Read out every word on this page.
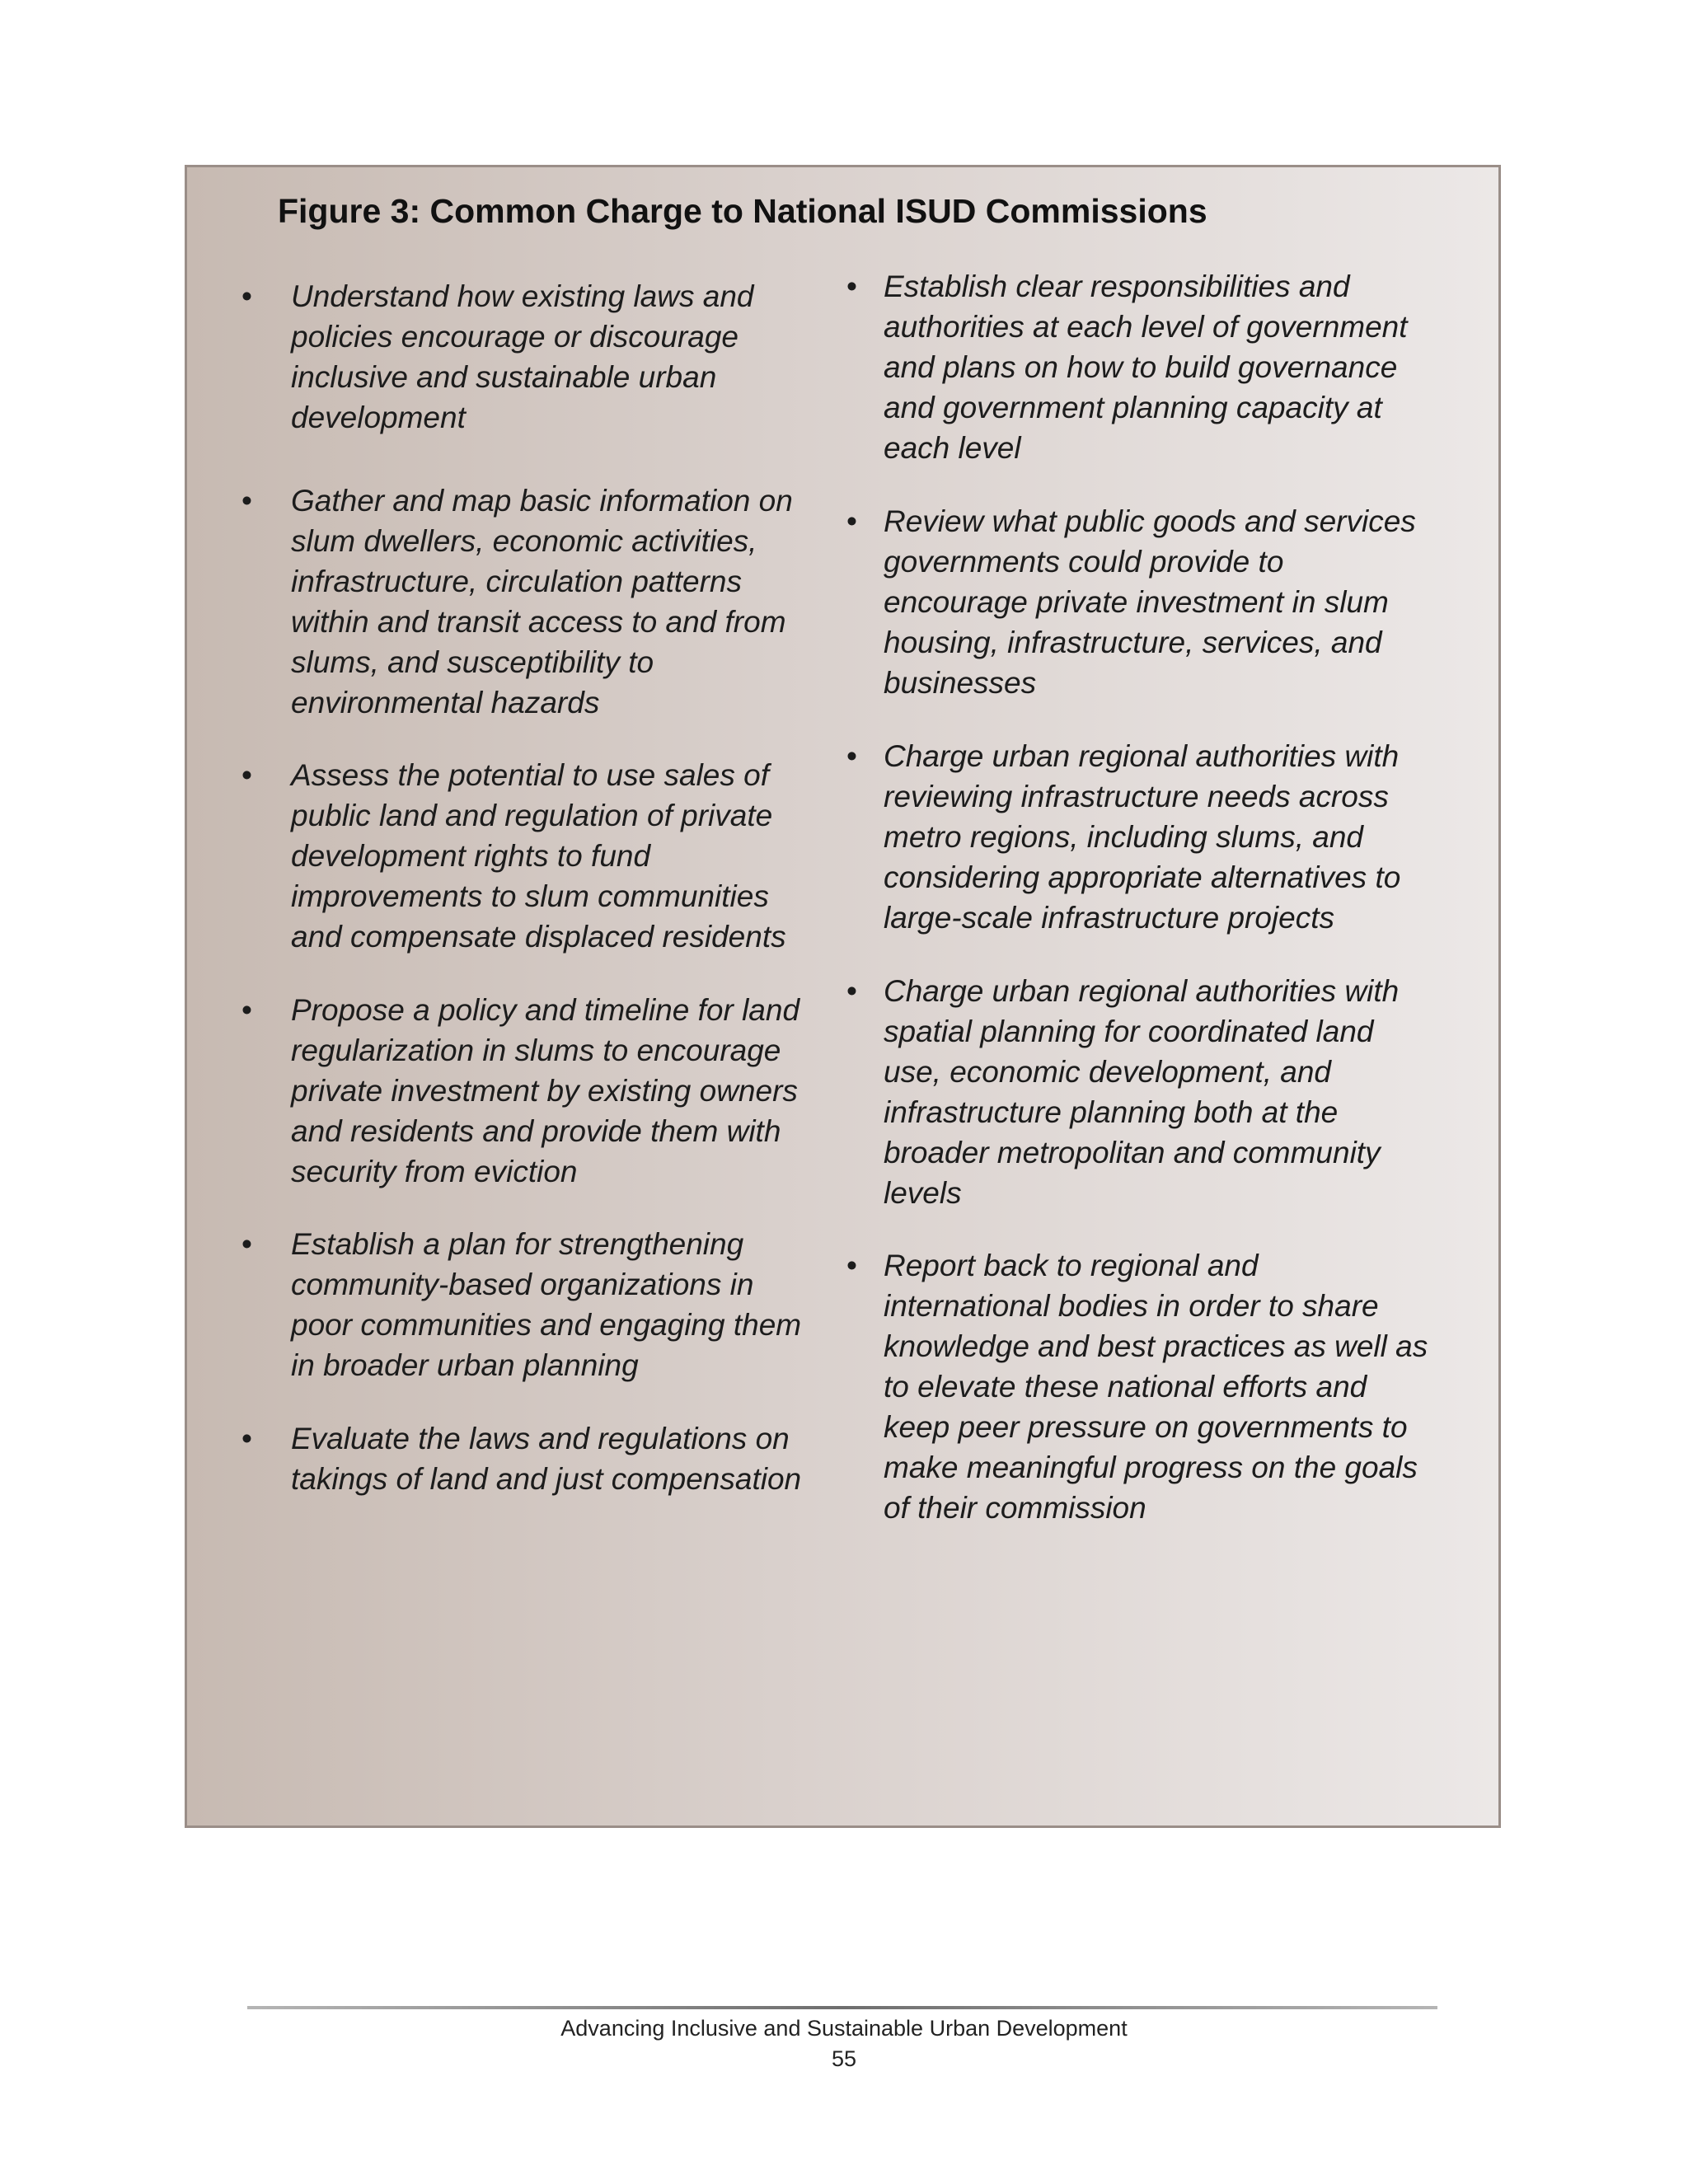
Figure 3: Common Charge to National ISUD Commissions
•	Understand how existing laws and policies encourage or discourage inclusive and sustainable urban development
•	Gather and map basic information on slum dwellers, economic activities, infrastructure, circulation patterns within and transit access to and from slums, and susceptibility to environmental hazards
•	Assess the potential to use sales of public land and regulation of private development rights to fund improvements to slum communities and compensate displaced residents
•	Propose a policy and timeline for land regularization in slums to encourage private investment by existing owners and residents and provide them with security from eviction
•	Establish a plan for strengthening community-based organizations in poor communities and engaging them in broader urban planning
•	Evaluate the laws and regulations on takings of land and just compensation
• Establish clear responsibilities and authorities at each level of government and plans on how to build governance and government planning capacity at each level
• Review what public goods and services governments could provide to encourage private investment in slum housing, infrastructure, services, and businesses
• Charge urban regional authorities with reviewing infrastructure needs across metro regions, including slums, and considering appropriate alternatives to large-scale infrastructure projects
• Charge urban regional authorities with spatial planning for coordinated land use, economic development, and infrastructure planning both at the broader metropolitan and community levels
• Report back to regional and international bodies in order to share knowledge and best practices as well as to elevate these national efforts and keep peer pressure on governments to make meaningful progress on the goals of their commission
Advancing Inclusive and Sustainable Urban Development
55
